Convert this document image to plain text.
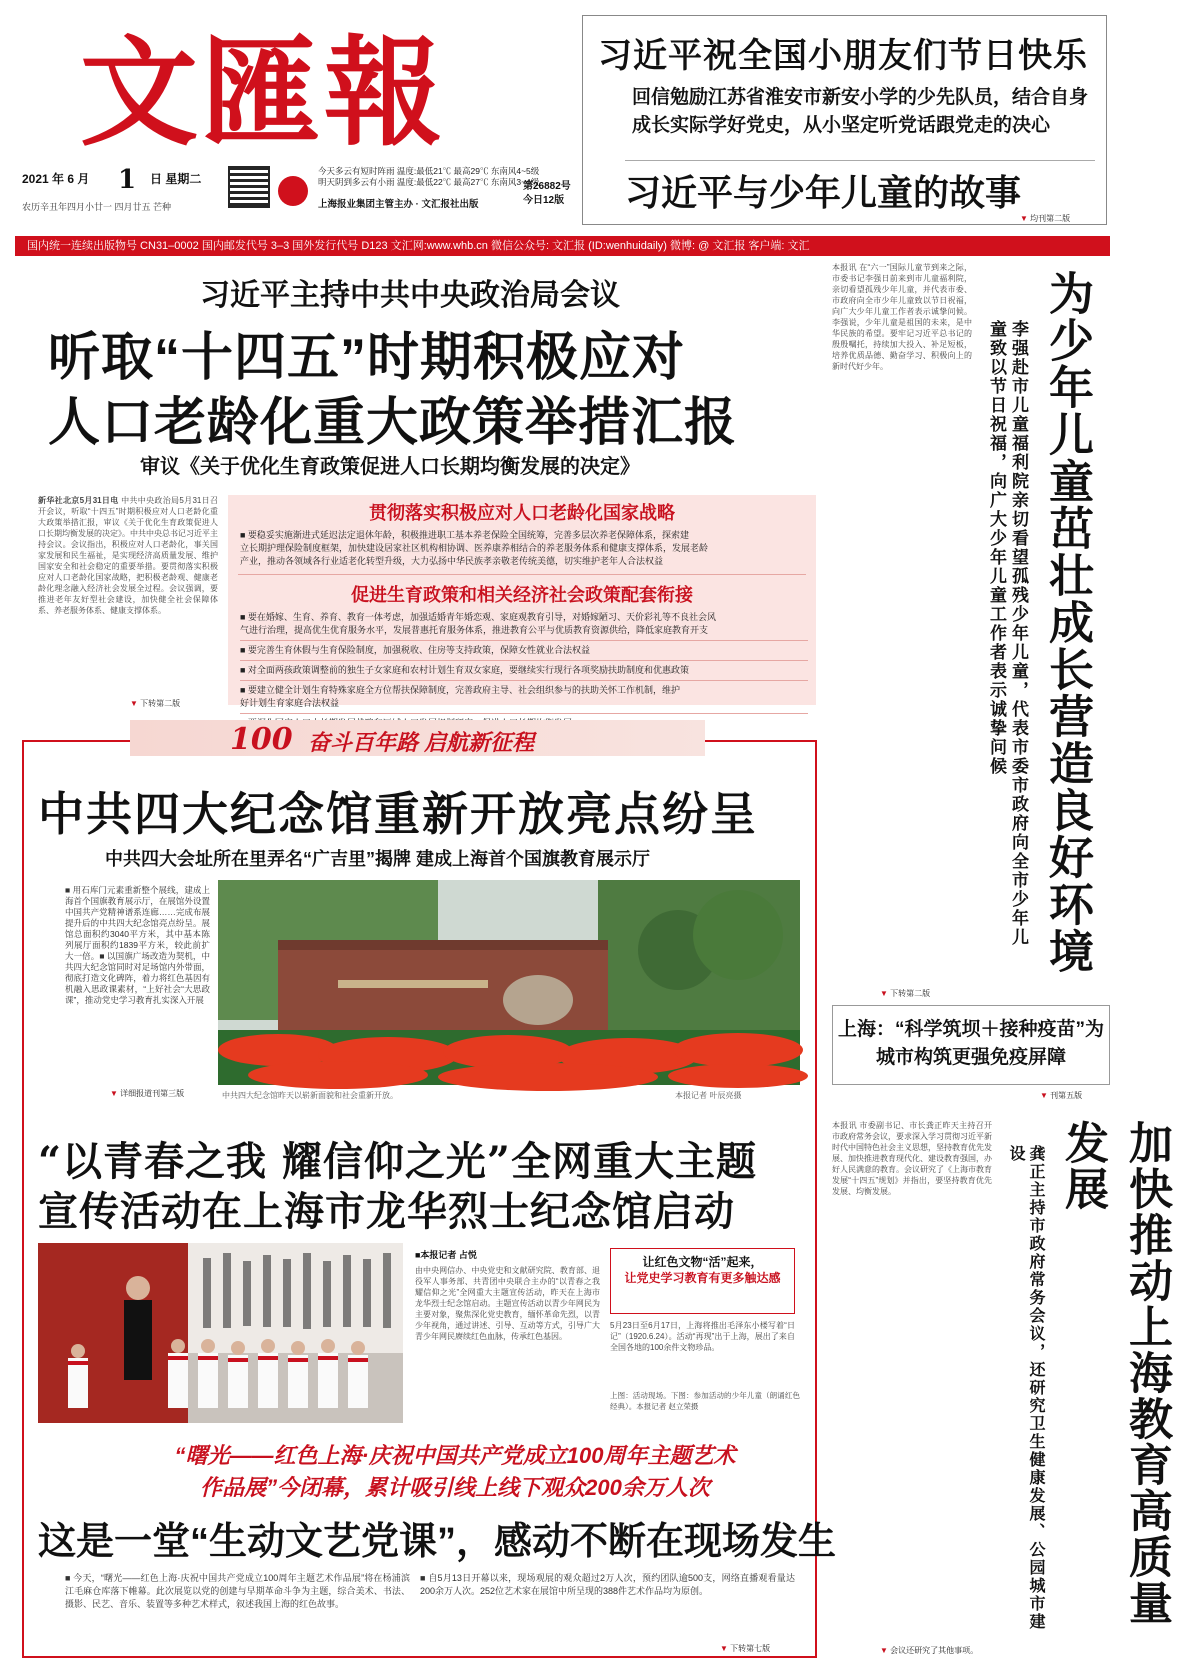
文匯報
2021 年 6 月 1 日 星期二
农历辛丑年四月小廿一 四月廿五 芒种
今天多云有短时阵雨 温度:最低21℃ 最高29℃ 东南风4~5级
明天阴到多云有小雨 温度:最低22℃ 最高27℃ 东南风3~4级
上海报业集团主管主办 · 文汇报社出版
第26882号
今日12版
习近平祝全国小朋友们节日快乐
回信勉励江苏省淮安市新安小学的少先队员，结合自身成长实际学好党史，从小坚定听党话跟党走的决心
习近平与少年儿童的故事
▼ 均刊第二版
国内统一连续出版物号 CN31–0002 国内邮发代号 3–3 国外发行代号 D123 文汇网:www.whb.cn 微信公众号: 文汇报 (ID:wenhuidaily) 微博: @ 文汇报 客户端: 文汇
习近平主持中共中央政治局会议
听取“十四五”时期积极应对
人口老龄化重大政策举措汇报
审议《关于优化生育政策促进人口长期均衡发展的决定》
新华社北京5月31日电 中共中央政治局5月31日召开会议，听取“十四五”时期积极应对人口老龄化重大政策举措汇报，审议《关于优化生育政策促进人口长期均衡发展的决定》。中共中央总书记习近平主持会议。会议指出，积极应对人口老龄化，事关国家发展和民生福祉，是实现经济高质量发展、维护国家安全和社会稳定的重要举措。要贯彻落实积极应对人口老龄化国家战略，把积极老龄观、健康老龄化理念融入经济社会发展全过程。会议强调，要推进老年友好型社会建设，加快健全社会保障体系、养老服务体系、健康支撑体系。
▼ 下转第二版
贯彻落实积极应对人口老龄化国家战略
■ 要稳妥实施渐进式延迟法定退休年龄，积极推进职工基本养老保险全国统筹，完善多层次养老保障体系，探索建
立长期护理保险制度框架，加快建设居家社区机构相协调、医养康养相结合的养老服务体系和健康支撑体系，发展老龄
产业，推动各领域各行业适老化转型升级，大力弘扬中华民族孝亲敬老传统美德，切实维护老年人合法权益
促进生育政策和相关经济社会政策配套衔接
■ 要在婚嫁、生育、养育、教育一体考虑，加强适婚青年婚恋观、家庭观教育引导，对婚嫁陋习、天价彩礼等不良社会风
气进行治理，提高优生优育服务水平，发展普惠托育服务体系，推进教育公平与优质教育资源供给，降低家庭教育开支
■ 要完善生育休假与生育保险制度，加强税收、住房等支持政策，保障女性就业合法权益
■ 对全面两孩政策调整前的独生子女家庭和农村计划生育双女家庭，要继续实行现行各项奖励扶助制度和优惠政策
■ 要建立健全计划生育特殊家庭全方位帮扶保障制度，完善政府主导、社会组织参与的扶助关怀工作机制，维护
好计划生育家庭合法权益
100 奋斗百年路 启航新征程
中共四大纪念馆重新开放亮点纷呈
中共四大会址所在里弄名“广吉里”揭牌 建成上海首个国旗教育展示厅
■ 用石库门元素重新整个展线，建成上海首个国旗教育展示厅，在展馆外设置中国共产党精神谱系连廊……完成布展提升后的中共四大纪念馆亮点纷呈。展馆总面积约3040平方米，其中基本陈列展厅面积约1839平方米，较此前扩大一倍。■ 以国旗广场改造为契机，中共四大纪念馆同时对足场馆内外带面，彻底打造文化碑阵，着力将红色基因有机融入思政课素材，“上好社会“大思政课”，推动党史学习教育扎实深入开展
▼ 详细报道刊第三版	中共四大纪念馆昨天以崭新面貌和社会重新开放。	本报记者 叶辰亮摄
“以青春之我 耀信仰之光”全网重大主题
宣传活动在上海市龙华烈士纪念馆启动
■本报记者 占悦
由中央网信办、中央党史和文献研究院、教育部、退役军人事务部、共青团中央联合主办的“以青春之我 耀信仰之光”全网重大主题宣传活动，昨天在上海市龙华烈士纪念馆启动。主题宣传活动以青少年网民为主要对象，聚焦深化党史教育，缅怀革命先烈，以青少年视角，通过讲述、引导、互动等方式，引导广大青少年网民赓续红色血脉，传承红色基因。
让红色文物“活”起来，
让党史学习教育有更多触达感
5月23日至6月17日，上海将推出毛泽东小楼写着“日记”（1920.6.24）。活动“再现”出于上海，展出了来自全国各地的100余件文物珍品。
上图：活动现场。下图：参加活动的少年儿童（朗诵红色经典）。本报记者 赵立荣摄
“曙光——红色上海·庆祝中国共产党成立100周年主题艺术
作品展”今闭幕，累计吸引线上线下观众200余万人次
这是一堂“生动文艺党课”，感动不断在现场发生
■ 今天，“曙光——红色上海·庆祝中国共产党成立100周年主题艺术作品展”将在杨浦滨江毛麻仓库落下帷幕。此次展览以党的创建与早期革命斗争为主题，综合美术、书法、摄影、民艺、音乐、装置等多种艺术样式，叙述我国上海的红色故事。
■ 自5月13日开幕以来，现场观展的观众超过2万人次，预约团队逾500支，网络直播观看量达200余万人次。252位艺术家在展馆中所呈现的388件艺术作品均为原创。
▼ 下转第七版
为少年儿童茁壮成长营造良好环境
李强赴市儿童福利院亲切看望孤残少年儿童，代表市委市政府向全市少年儿童致以节日祝福，向广大少年儿童工作者表示诚挚问候
本报讯 在“六一”国际儿童节到来之际，市委书记李强日前来到市儿童福利院，亲切看望孤残少年儿童，并代表市委、市政府向全市少年儿童致以节日祝福，向广大少年儿童工作者表示诚挚问候。李强说，少年儿童是祖国的未来，是中华民族的希望。要牢记习近平总书记的殷殷嘱托，持续加大投入、补足短板，培养优质品德、勤奋学习、积极向上的新时代好少年。
▼ 下转第二版
上海：“科学筑坝＋接种疫苗”为城市构筑更强免疫屏障
▼ 刊第五版
加快推动上海教育高质量发展
龚正主持市政府常务会议，还研究卫生健康发展、公园城市建设
本报讯 市委副书记、市长龚正昨天主持召开市政府常务会议，要求深入学习贯彻习近平新时代中国特色社会主义思想，坚持教育优先发展、加快推进教育现代化、建设教育强国，办好人民满意的教育。会议研究了《上海市教育发展“十四五”规划》并指出，要坚持教育优先发展、均衡发展。
▼ 会议还研究了其他事项。
